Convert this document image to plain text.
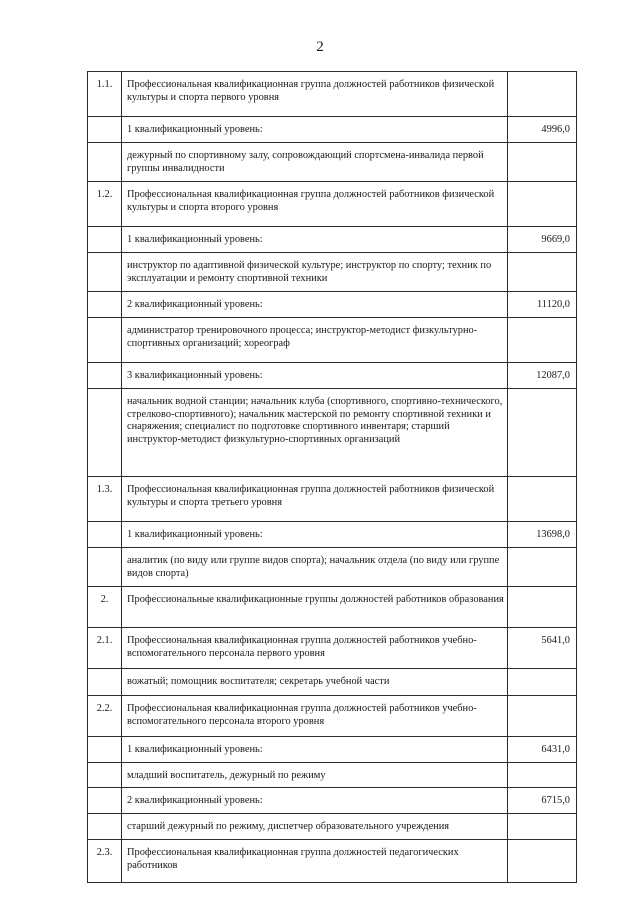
2
1.1.	Профессиональная квалификационная группа должностей работников физической культуры и спорта первого уровня	

	1 квалификационный уровень:	4996,0

	дежурный по спортивному залу, сопровождающий спортсмена-инвалида первой группы инвалидности	

1.2.	Профессиональная квалификационная группа должностей работников физической культуры и спорта второго уровня	

	1 квалификационный уровень:	9669,0

	инструктор по адаптивной физической культуре; инструктор по спорту; техник по эксплуатации и ремонту спортивной техники	

	2 квалификационный уровень:	11120,0

	администратор тренировочного процесса; инструктор-методист физкультурно-спортивных организаций; хореограф	

	3 квалификационный уровень:	12087,0

	начальник водной станции; начальник клуба (спортивного, спортивно-технического, стрелково-спортивного); начальник мастерской по ремонту спортивной техники и снаряжения; специалист по подготовке спортивного инвентаря; старший инструктор-методист физкультурно-спортивных организаций	

1.3.	Профессиональная квалификационная группа должностей работников физической культуры и спорта третьего уровня	

	1 квалификационный уровень:	13698,0

	аналитик (по виду или группе видов спорта); начальник отдела (по виду или группе видов спорта)	

2.	Профессиональные квалификационные группы должностей работников образования	

2.1.	Профессиональная квалификационная группа должностей работников учебно-вспомогательного персонала первого уровня	5641,0

	вожатый; помощник воспитателя; секретарь учебной части	

2.2.	Профессиональная квалификационная группа должностей работников учебно-вспомогательного персонала второго уровня	

	1 квалификационный уровень:	6431,0

	младший воспитатель, дежурный по режиму	

	2 квалификационный уровень:	6715,0

	старший дежурный по режиму, диспетчер образовательного учреждения	

2.3.	Профессиональная квалификационная группа должностей педагогических работников	
